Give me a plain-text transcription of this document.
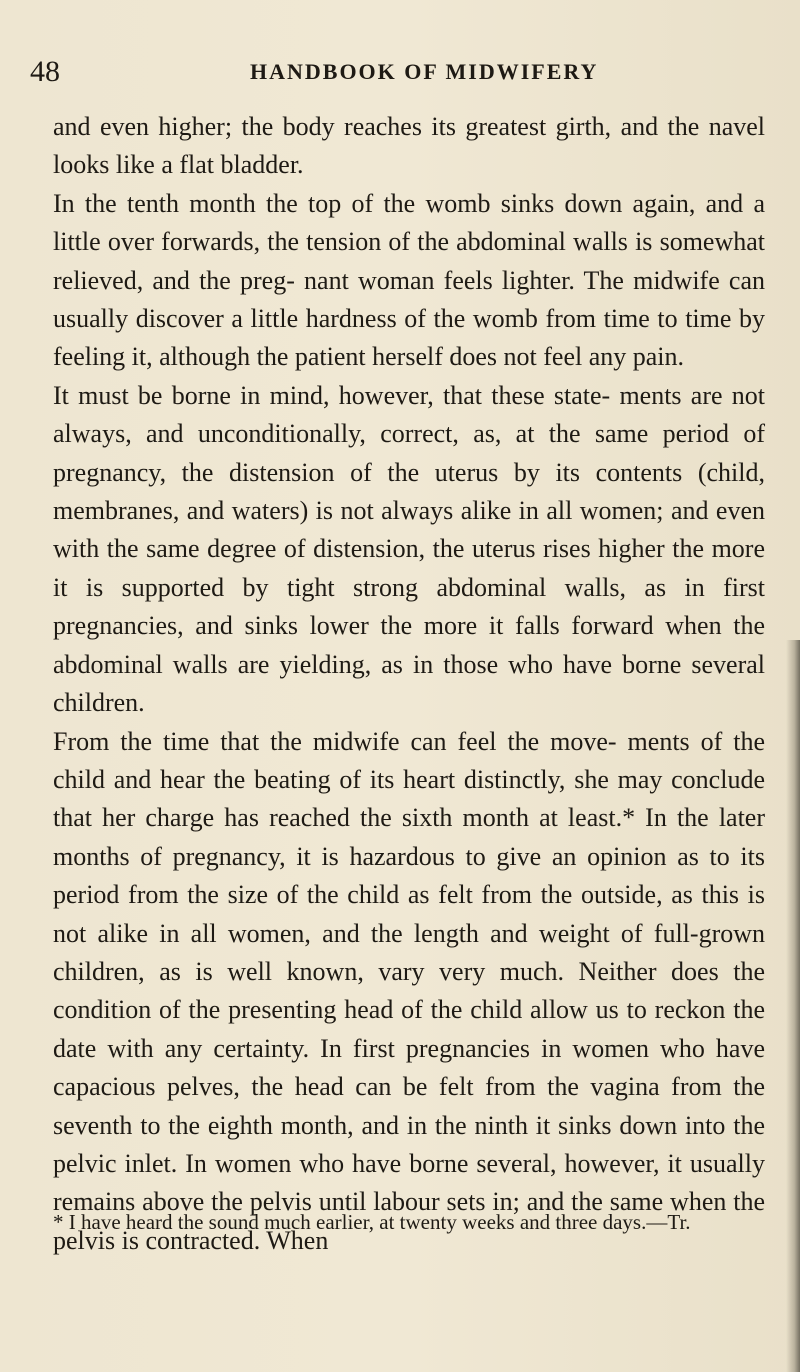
48	HANDBOOK OF MIDWIFERY

and even higher; the body reaches its greatest girth, and the navel looks like a flat bladder.

In the tenth month the top of the womb sinks down again, and a little over forwards, the tension of the abdominal walls is somewhat relieved, and the preg- nant woman feels lighter. The midwife can usually discover a little hardness of the womb from time to time by feeling it, although the patient herself does not feel any pain.

It must be borne in mind, however, that these state- ments are not always, and unconditionally, correct, as, at the same period of pregnancy, the distension of the uterus by its contents (child, membranes, and waters) is not always alike in all women; and even with the same degree of distension, the uterus rises higher the more it is supported by tight strong abdominal walls, as in first pregnancies, and sinks lower the more it falls forward when the abdominal walls are yielding, as in those who have borne several children.

From the time that the midwife can feel the move- ments of the child and hear the beating of its heart distinctly, she may conclude that her charge has reached the sixth month at least.* In the later months of pregnancy, it is hazardous to give an opinion as to its period from the size of the child as felt from the outside, as this is not alike in all women, and the length and weight of full-grown children, as is well known, vary very much. Neither does the condition of the presenting head of the child allow us to reckon the date with any certainty. In first pregnancies in women who have capacious pelves, the head can be felt from the vagina from the seventh to the eighth month, and in the ninth it sinks down into the pelvic inlet. In women who have borne several, however, it usually remains above the pelvis until labour sets in; and the same when the pelvis is contracted. When

* I have heard the sound much earlier, at twenty weeks and three days.—Tr.
